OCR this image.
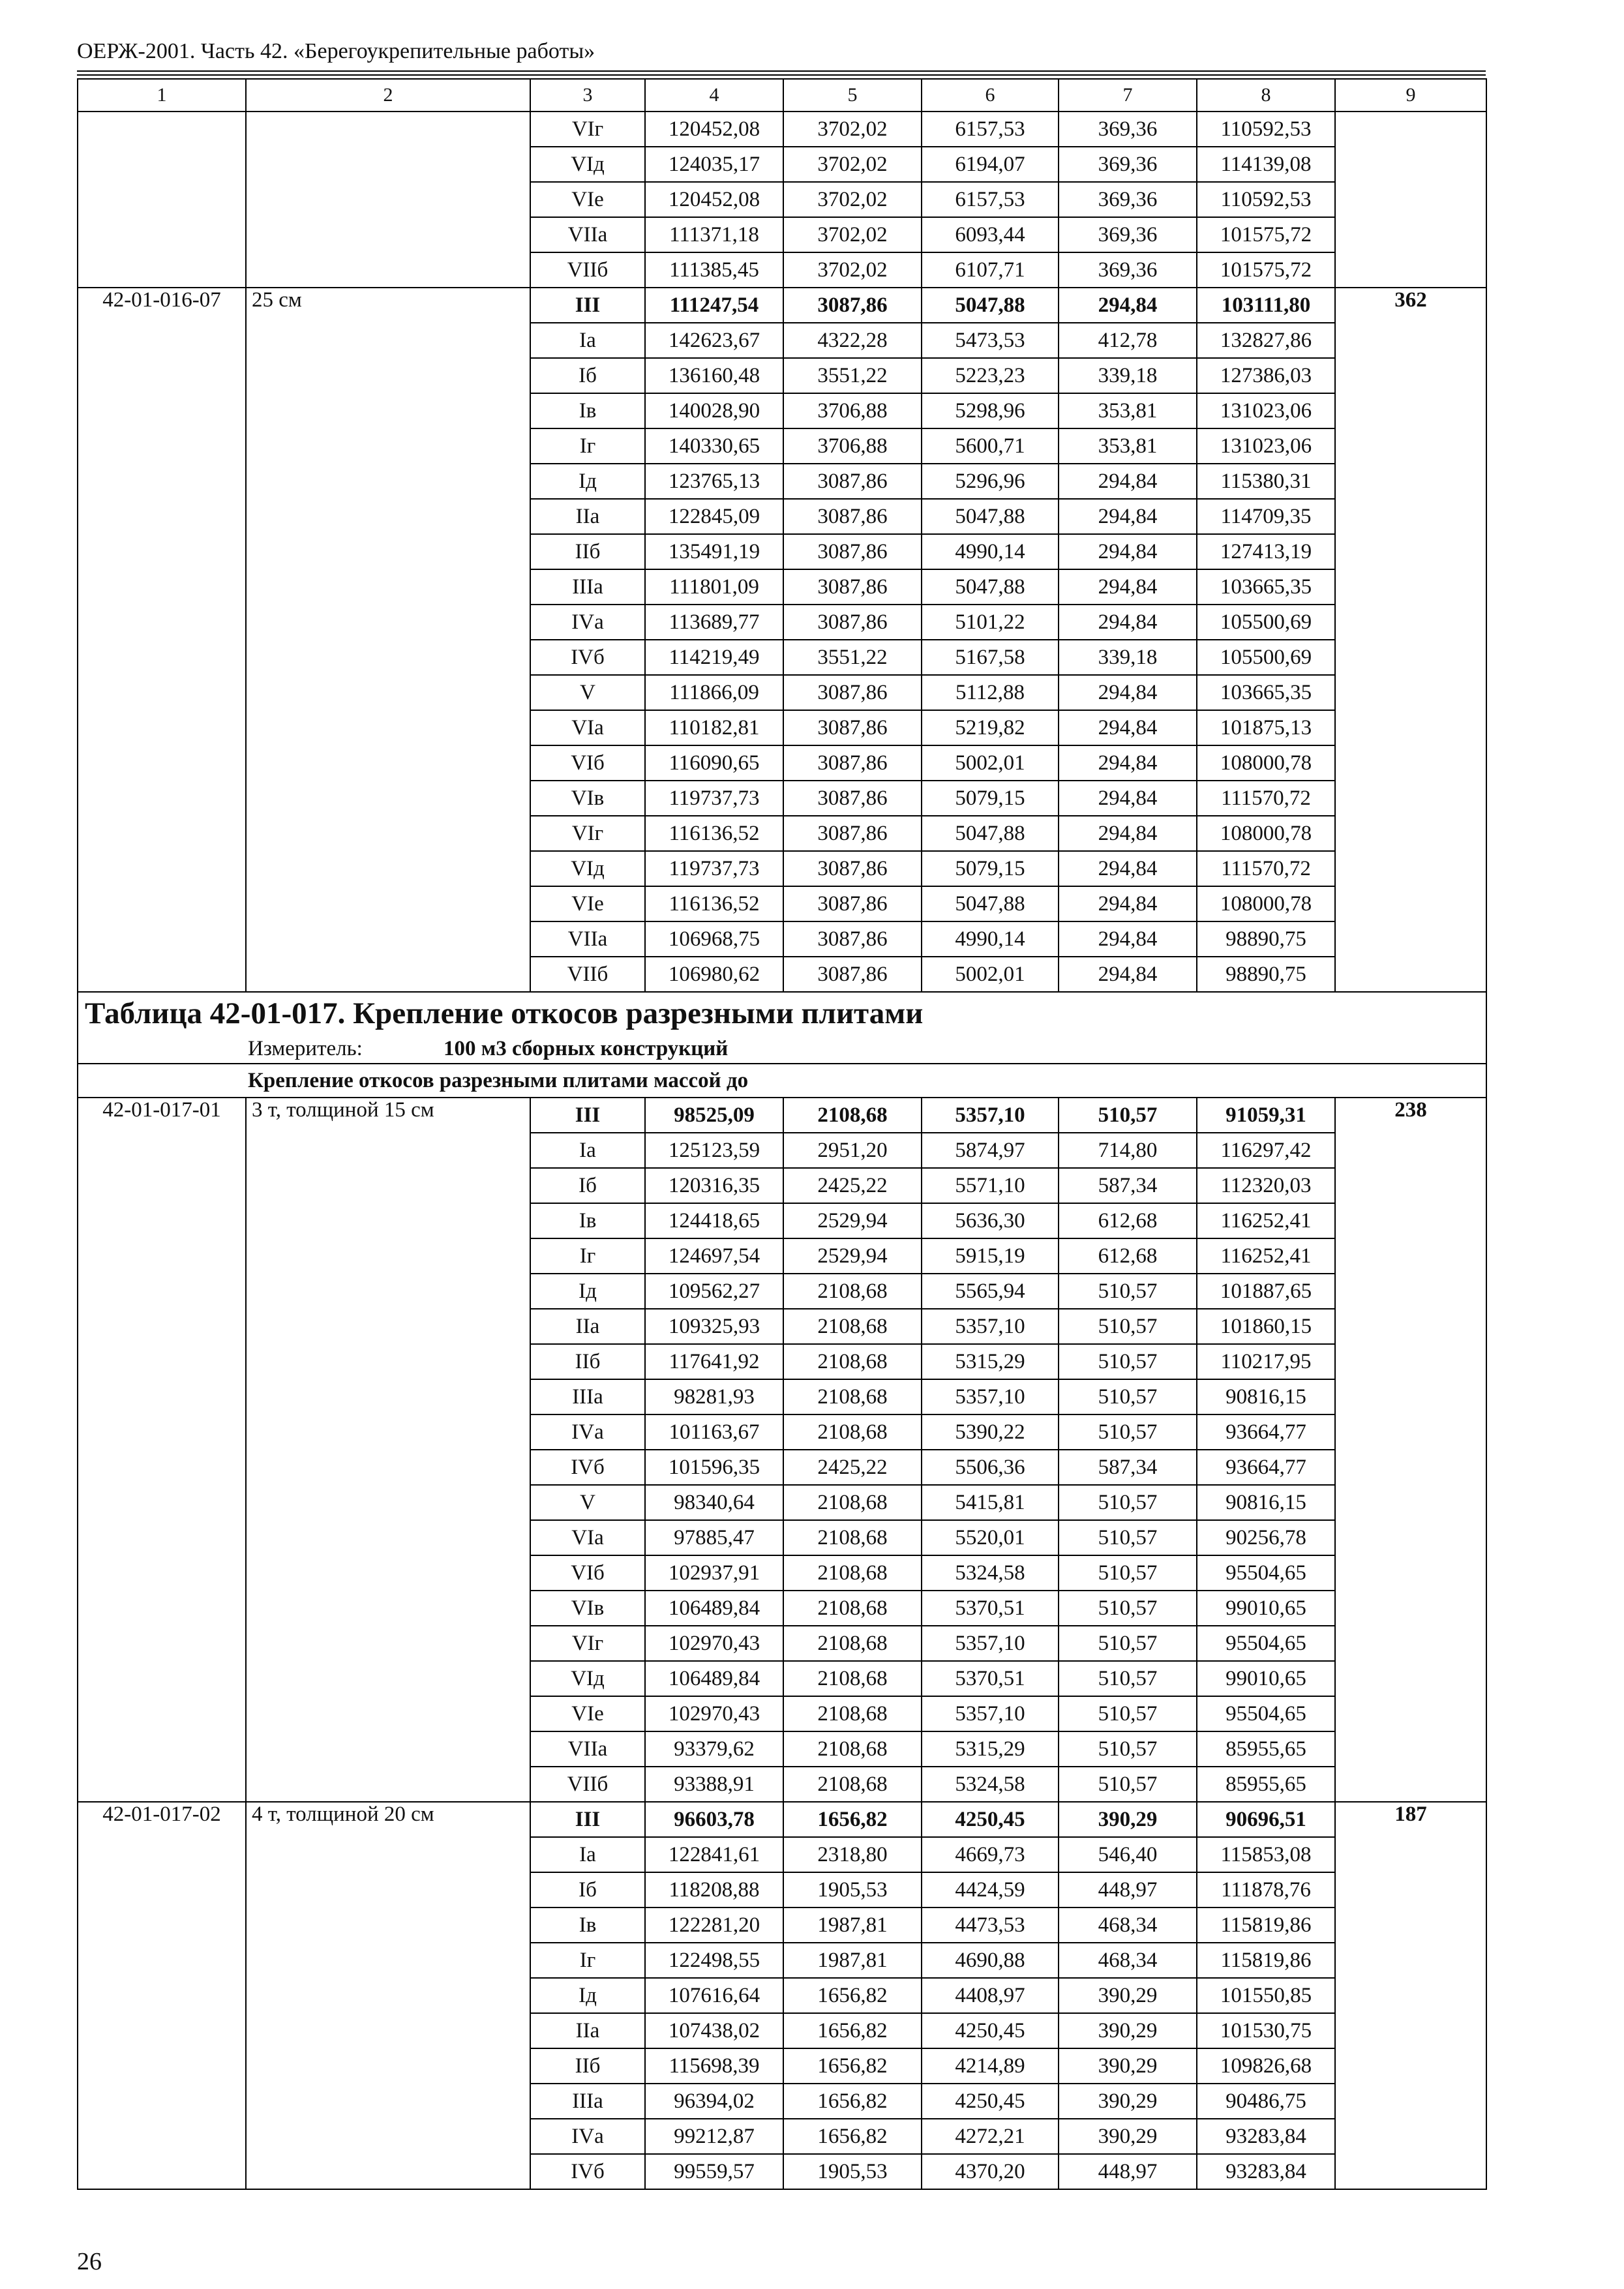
ОЕРЖ-2001. Часть 42. «Берегоукрепительные работы»
1	2	3	4	5	6	7	8	9
		VIг	120452,08	3702,02	6157,53	369,36	110592,53	
		VIд	124035,17	3702,02	6194,07	369,36	114139,08	
		VIе	120452,08	3702,02	6157,53	369,36	110592,53	
		VIIа	111371,18	3702,02	6093,44	369,36	101575,72	
		VIIб	111385,45	3702,02	6107,71	369,36	101575,72	
42-01-016-07	25 см	III	111247,54	3087,86	5047,88	294,84	103111,80	362
		Iа	142623,67	4322,28	5473,53	412,78	132827,86	
		Iб	136160,48	3551,22	5223,23	339,18	127386,03	
		Iв	140028,90	3706,88	5298,96	353,81	131023,06	
		Iг	140330,65	3706,88	5600,71	353,81	131023,06	
		Iд	123765,13	3087,86	5296,96	294,84	115380,31	
		IIа	122845,09	3087,86	5047,88	294,84	114709,35	
		IIб	135491,19	3087,86	4990,14	294,84	127413,19	
		IIIа	111801,09	3087,86	5047,88	294,84	103665,35	
		IVа	113689,77	3087,86	5101,22	294,84	105500,69	
		IVб	114219,49	3551,22	5167,58	339,18	105500,69	
		V	111866,09	3087,86	5112,88	294,84	103665,35	
		VIа	110182,81	3087,86	5219,82	294,84	101875,13	
		VIб	116090,65	3087,86	5002,01	294,84	108000,78	
		VIв	119737,73	3087,86	5079,15	294,84	111570,72	
		VIг	116136,52	3087,86	5047,88	294,84	108000,78	
		VIд	119737,73	3087,86	5079,15	294,84	111570,72	
		VIе	116136,52	3087,86	5047,88	294,84	108000,78	
		VIIа	106968,75	3087,86	4990,14	294,84	98890,75	
		VIIб	106980,62	3087,86	5002,01	294,84	98890,75	
Таблица 42-01-017. Крепление откосов разрезными плитами								
Измеритель: 100 м3 сборных конструкций								
Крепление откосов разрезными плитами массой до								
42-01-017-01	3 т, толщиной 15 см	III	98525,09	2108,68	5357,10	510,57	91059,31	238
		Iа	125123,59	2951,20	5874,97	714,80	116297,42	
		Iб	120316,35	2425,22	5571,10	587,34	112320,03	
		Iв	124418,65	2529,94	5636,30	612,68	116252,41	
		Iг	124697,54	2529,94	5915,19	612,68	116252,41	
		Iд	109562,27	2108,68	5565,94	510,57	101887,65	
		IIа	109325,93	2108,68	5357,10	510,57	101860,15	
		IIб	117641,92	2108,68	5315,29	510,57	110217,95	
		IIIа	98281,93	2108,68	5357,10	510,57	90816,15	
		IVа	101163,67	2108,68	5390,22	510,57	93664,77	
		IVб	101596,35	2425,22	5506,36	587,34	93664,77	
		V	98340,64	2108,68	5415,81	510,57	90816,15	
		VIа	97885,47	2108,68	5520,01	510,57	90256,78	
		VIб	102937,91	2108,68	5324,58	510,57	95504,65	
		VIв	106489,84	2108,68	5370,51	510,57	99010,65	
		VIг	102970,43	2108,68	5357,10	510,57	95504,65	
		VIд	106489,84	2108,68	5370,51	510,57	99010,65	
		VIе	102970,43	2108,68	5357,10	510,57	95504,65	
		VIIа	93379,62	2108,68	5315,29	510,57	85955,65	
		VIIб	93388,91	2108,68	5324,58	510,57	85955,65	
42-01-017-02	4 т, толщиной 20 см	III	96603,78	1656,82	4250,45	390,29	90696,51	187
		Iа	122841,61	2318,80	4669,73	546,40	115853,08	
		Iб	118208,88	1905,53	4424,59	448,97	111878,76	
		Iв	122281,20	1987,81	4473,53	468,34	115819,86	
		Iг	122498,55	1987,81	4690,88	468,34	115819,86	
		Iд	107616,64	1656,82	4408,97	390,29	101550,85	
		IIа	107438,02	1656,82	4250,45	390,29	101530,75	
		IIб	115698,39	1656,82	4214,89	390,29	109826,68	
		IIIа	96394,02	1656,82	4250,45	390,29	90486,75	
		IVа	99212,87	1656,82	4272,21	390,29	93283,84	
		IVб	99559,57	1905,53	4370,20	448,97	93283,84	
26
